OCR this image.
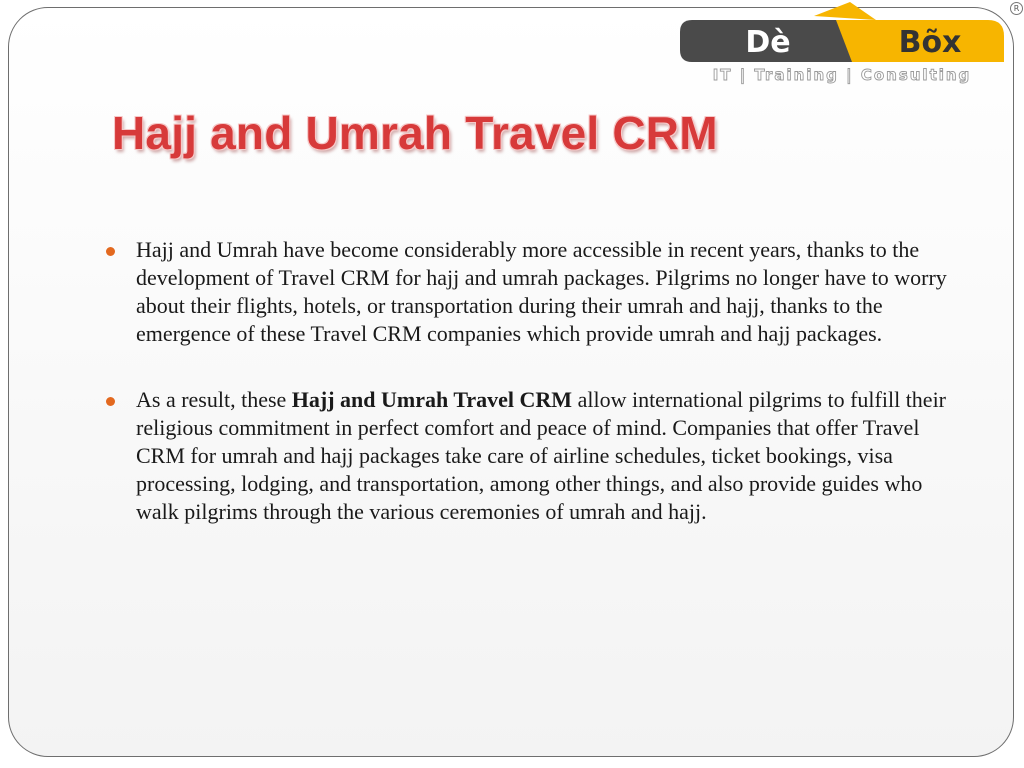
Dè	Bõx
IT | Training | Consulting
R
Hajj and Umrah Travel CRM
Hajj and Umrah have become considerably more accessible in recent years, thanks to the development of Travel CRM for hajj and umrah packages. Pilgrims no longer have to worry about their flights, hotels, or transportation during their umrah and hajj, thanks to the emergence of these Travel CRM companies which provide umrah and hajj packages.
As a result, these Hajj and Umrah Travel CRM allow international pilgrims to fulfill their religious commitment in perfect comfort and peace of mind. Companies that offer Travel CRM for umrah and hajj packages take care of airline schedules, ticket bookings, visa processing, lodging, and transportation, among other things, and also provide guides who walk pilgrims through the various ceremonies of umrah and hajj.
